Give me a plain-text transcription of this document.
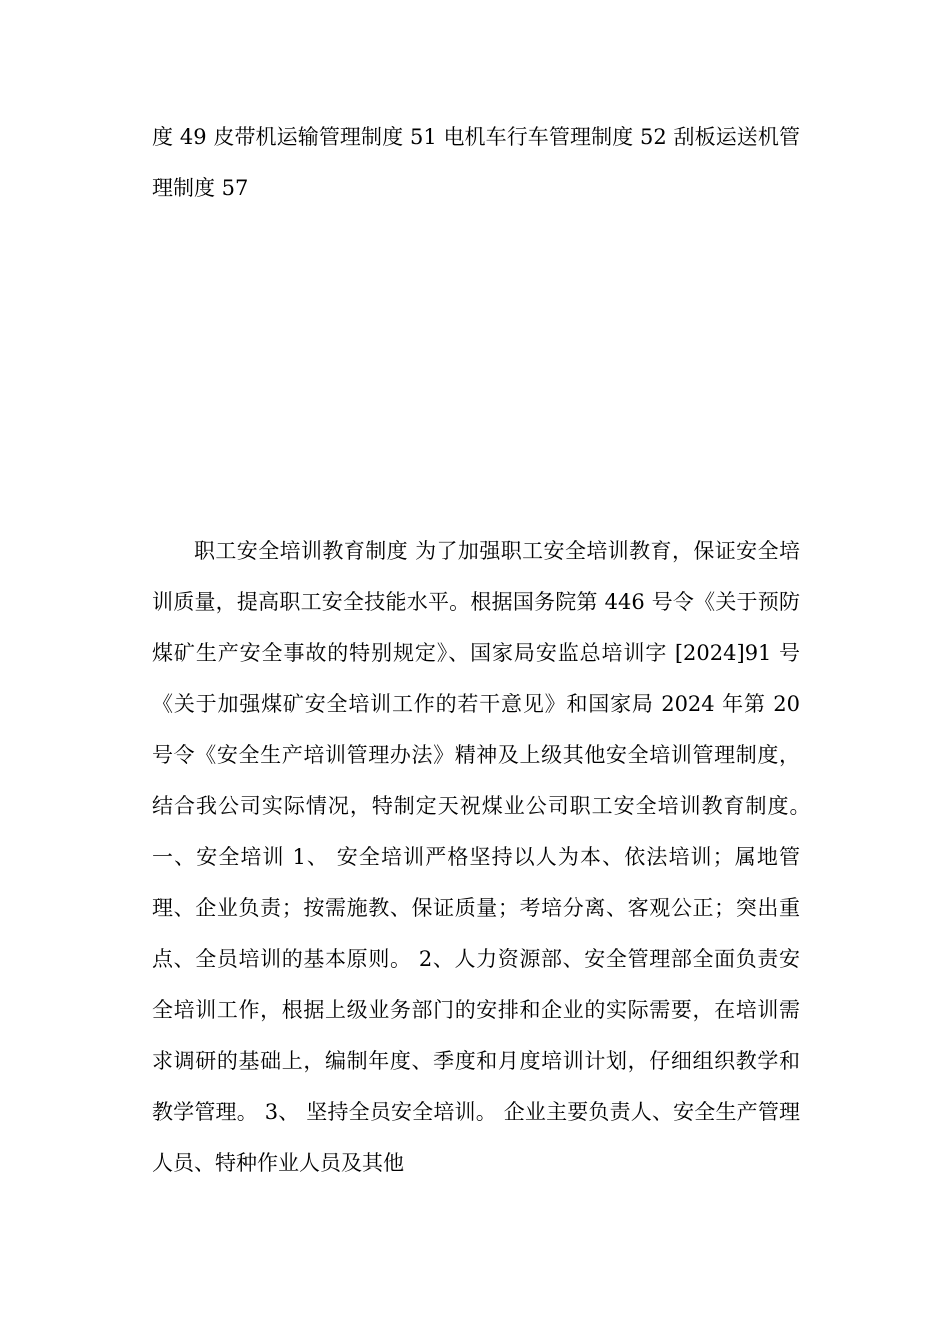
度 49 皮带机运输管理制度 51 电机车行车管理制度 52 刮板运送机管理制度 57

职工安全培训教育制度 为了加强职工安全培训教育，保证安全培训质量，提高职工安全技能水平。根据国务院第 446 号令《关于预防煤矿生产安全事故的特别规定》、国家局安监总培训字 [2024]91 号《关于加强煤矿安全培训工作的若干意见》和国家局 2024 年第 20 号令《安全生产培训管理办法》精神及上级其他安全培训管理制度，结合我公司实际情况，特制定天祝煤业公司职工安全培训教育制度。　一、安全培训 1、 安全培训严格坚持以人为本、依法培训；属地管理、企业负责；按需施教、保证质量；考培分离、客观公正；突出重点、全员培训的基本原则。 2、人力资源部、安全管理部全面负责安全培训工作，根据上级业务部门的安排和企业的实际需要，在培训需求调研的基础上，编制年度、季度和月度培训计划，仔细组织教学和教学管理。 3、 坚持全员安全培训。 企业主要负责人、安全生产管理人员、特种作业人员及其他
